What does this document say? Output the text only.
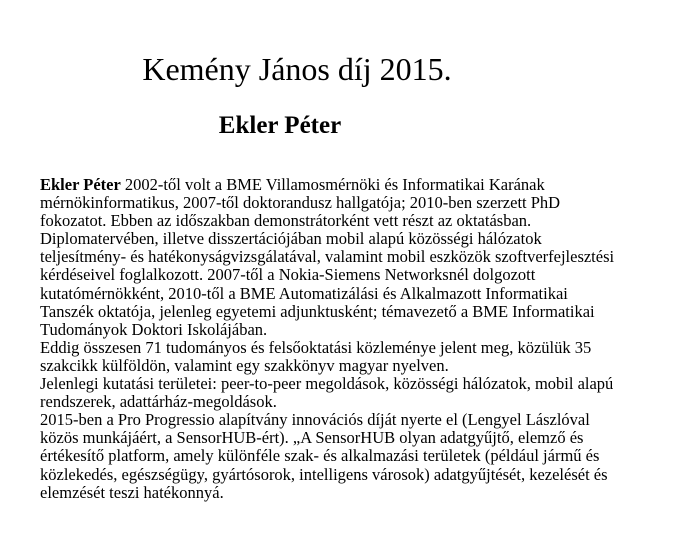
Kemény János díj 2015.
Ekler Péter
Ekler Péter 2002-től volt a BME Villamosmérnöki és Informatikai Karának
mérnökinformatikus, 2007-től doktorandusz hallgatója; 2010-ben szerzett PhD
fokozatot. Ebben az időszakban demonstrátorként vett részt az oktatásban.
Diplomatervében, illetve disszertációjában mobil alapú közösségi hálózatok
teljesítmény- és hatékonyságvizsgálatával, valamint mobil eszközök szoftverfejlesztési
kérdéseivel foglalkozott. 2007-től a Nokia-Siemens Networksnél dolgozott
kutatómérnökként, 2010-től a BME Automatizálási és Alkalmazott Informatikai
Tanszék oktatója, jelenleg egyetemi adjunktusként; témavezető a BME Informatikai
Tudományok Doktori Iskolájában.
Eddig összesen 71 tudományos és felsőoktatási közleménye jelent meg, közülük 35
szakcikk külföldön, valamint egy szakkönyv magyar nyelven.
Jelenlegi kutatási területei: peer-to-peer megoldások, közösségi hálózatok, mobil alapú
rendszerek, adattárház-megoldások.
2015-ben a Pro Progressio alapítvány innovációs díját nyerte el (Lengyel Lászlóval
közös munkájáért, a SensorHUB-ért). „A SensorHUB olyan adatgyűjtő, elemző és
értékesítő platform, amely különféle szak- és alkalmazási területek (például jármű és
közlekedés, egészségügy, gyártósorok, intelligens városok) adatgyűjtését, kezelését és
elemzését teszi hatékonnyá.
